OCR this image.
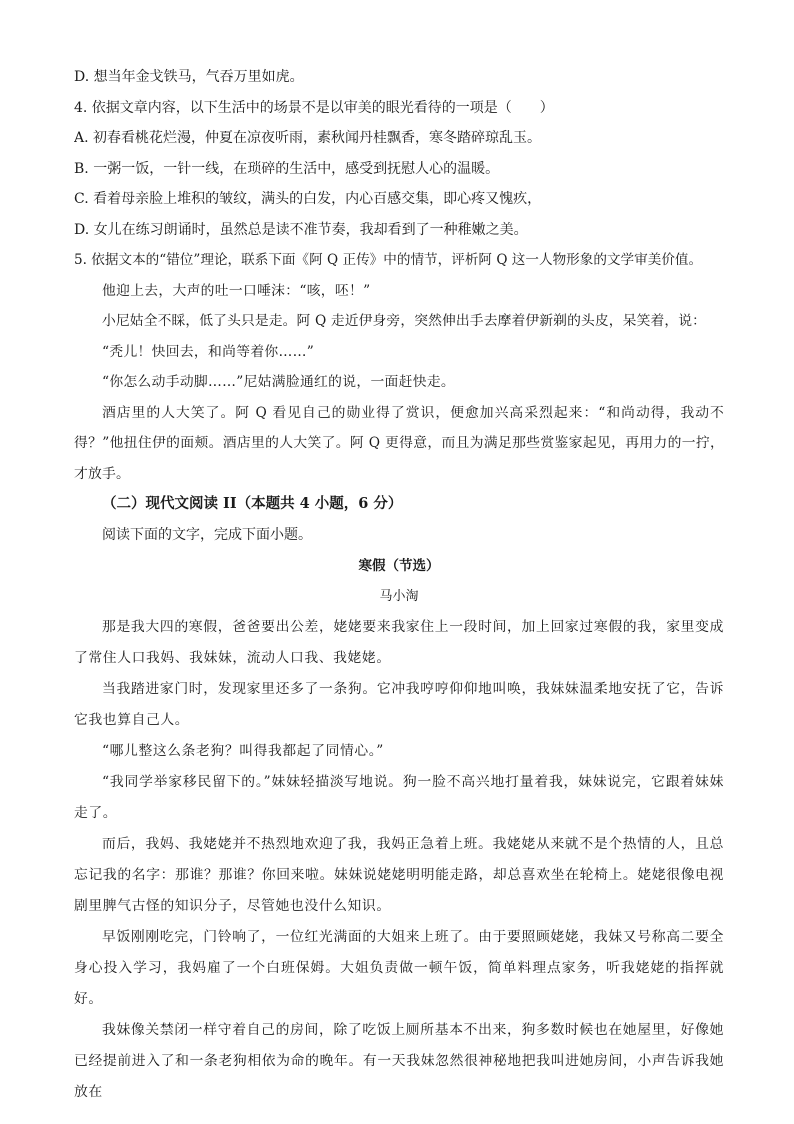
D. 想当年金戈铁马，气吞万里如虎。
4. 依据文章内容，以下生活中的场景不是以审美的眼光看待的一项是（　　）
A. 初春看桃花烂漫，仲夏在凉夜听雨，素秋闻丹桂飘香，寒冬踏碎琼乱玉。
B. 一粥一饭，一针一线，在琐碎的生活中，感受到抚慰人心的温暖。
C. 看着母亲脸上堆积的皱纹，满头的白发，内心百感交集，即心疼又愧疚，
D. 女儿在练习朗诵时，虽然总是读不准节奏，我却看到了一种稚嫩之美。
5. 依据文本的“错位”理论，联系下面《阿 Q 正传》中的情节，评析阿 Q 这一人物形象的文学审美价值。
他迎上去，大声的吐一口唾沫：“咳，呸！”
小尼姑全不睬，低了头只是走。阿 Q 走近伊身旁，突然伸出手去摩着伊新剃的头皮，呆笑着，说：
“秃儿！快回去，和尚等着你……”
“你怎么动手动脚……”尼姑满脸通红的说，一面赶快走。
酒店里的人大笑了。阿 Q 看见自己的勋业得了赏识，便愈加兴高采烈起来：“和尚动得，我动不得？”他扭住伊的面颊。酒店里的人大笑了。阿 Q 更得意，而且为满足那些赏鉴家起见，再用力的一拧，才放手。
（二）现代文阅读 II（本题共 4 小题，6 分）
阅读下面的文字，完成下面小题。
寒假（节选）
马小淘
那是我大四的寒假，爸爸要出公差，姥姥要来我家住上一段时间，加上回家过寒假的我，家里变成了常住人口我妈、我妹妹，流动人口我、我姥姥。
当我踏进家门时，发现家里还多了一条狗。它冲我哼哼仰仰地叫唤，我妹妹温柔地安抚了它，告诉它我也算自己人。
“哪儿整这么条老狗？叫得我都起了同情心。”
“我同学举家移民留下的。”妹妹轻描淡写地说。狗一脸不高兴地打量着我，妹妹说完，它跟着妹妹走了。
而后，我妈、我姥姥并不热烈地欢迎了我，我妈正急着上班。我姥姥从来就不是个热情的人，且总忘记我的名字：那谁？那谁？你回来啦。妹妹说姥姥明明能走路，却总喜欢坐在轮椅上。姥姥很像电视剧里脾气古怪的知识分子，尽管她也没什么知识。
早饭刚刚吃完，门铃响了，一位红光满面的大姐来上班了。由于要照顾姥姥，我妹又号称高二要全身心投入学习，我妈雇了一个白班保姆。大姐负责做一顿午饭，简单料理点家务，听我姥姥的指挥就好。
我妹像关禁闭一样守着自己的房间，除了吃饭上厕所基本不出来，狗多数时候也在她屋里，好像她已经提前进入了和一条老狗相依为命的晚年。有一天我妹忽然很神秘地把我叫进她房间，小声告诉我她放在
